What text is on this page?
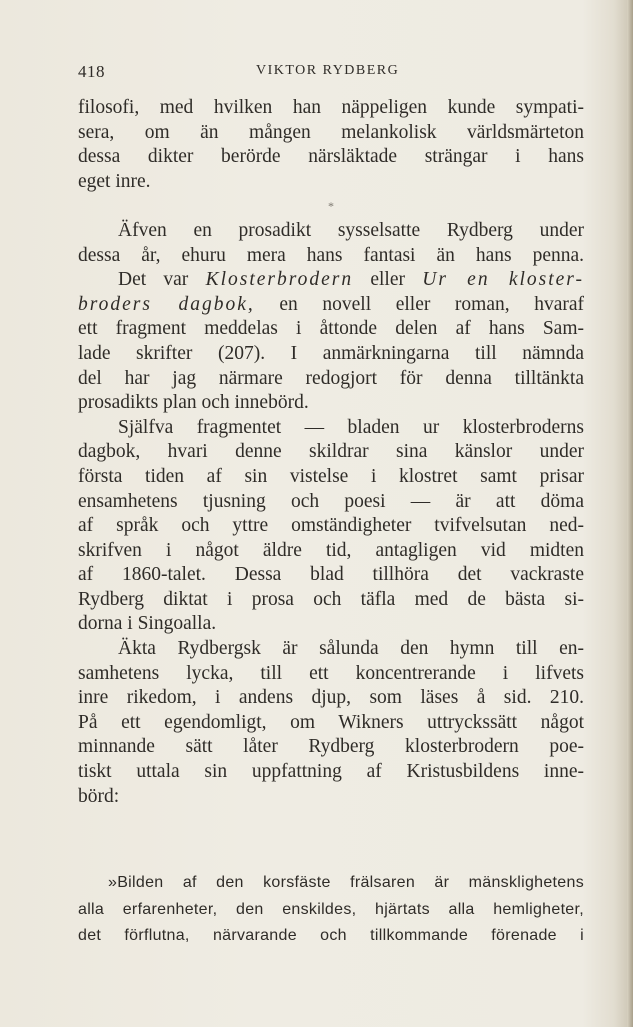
418	VIKTOR RYDBERG
filosofi, med hvilken han näppeligen kunde sympati-
sera, om än mången melankolisk världsmärteton
dessa dikter berörde närsläktade strängar i hans
eget inre.
*
Äfven en prosadikt sysselsatte Rydberg under
dessa år, ehuru mera hans fantasi än hans penna.
Det var Klosterbrodern eller Ur en kloster-
broders dagbok, en novell eller roman, hvaraf
ett fragment meddelas i åttonde delen af hans Sam-
lade skrifter (207). I anmärkningarna till nämnda
del har jag närmare redogjort för denna tilltänkta
prosadikts plan och innebörd.
Själfva fragmentet — bladen ur klosterbroderns
dagbok, hvari denne skildrar sina känslor under
första tiden af sin vistelse i klostret samt prisar
ensamhetens tjusning och poesi — är att döma
af språk och yttre omständigheter tvifvelsutan ned-
skrifven i något äldre tid, antagligen vid midten
af 1860-talet. Dessa blad tillhöra det vackraste
Rydberg diktat i prosa och täfla med de bästa si-
dorna i Singoalla.
Äkta Rydbergsk är sålunda den hymn till en-
samhetens lycka, till ett koncentrerande i lifvets
inre rikedom, i andens djup, som läses å sid. 210.
På ett egendomligt, om Wikners uttryckssätt något
minnande sätt låter Rydberg klosterbrodern poe-
tiskt uttala sin uppfattning af Kristusbildens inne-
börd:
»Bilden af den korsfäste frälsaren är mänsklighetens
alla erfarenheter, den enskildes, hjärtats alla hemligheter,
det förflutna, närvarande och tillkommande förenade i
